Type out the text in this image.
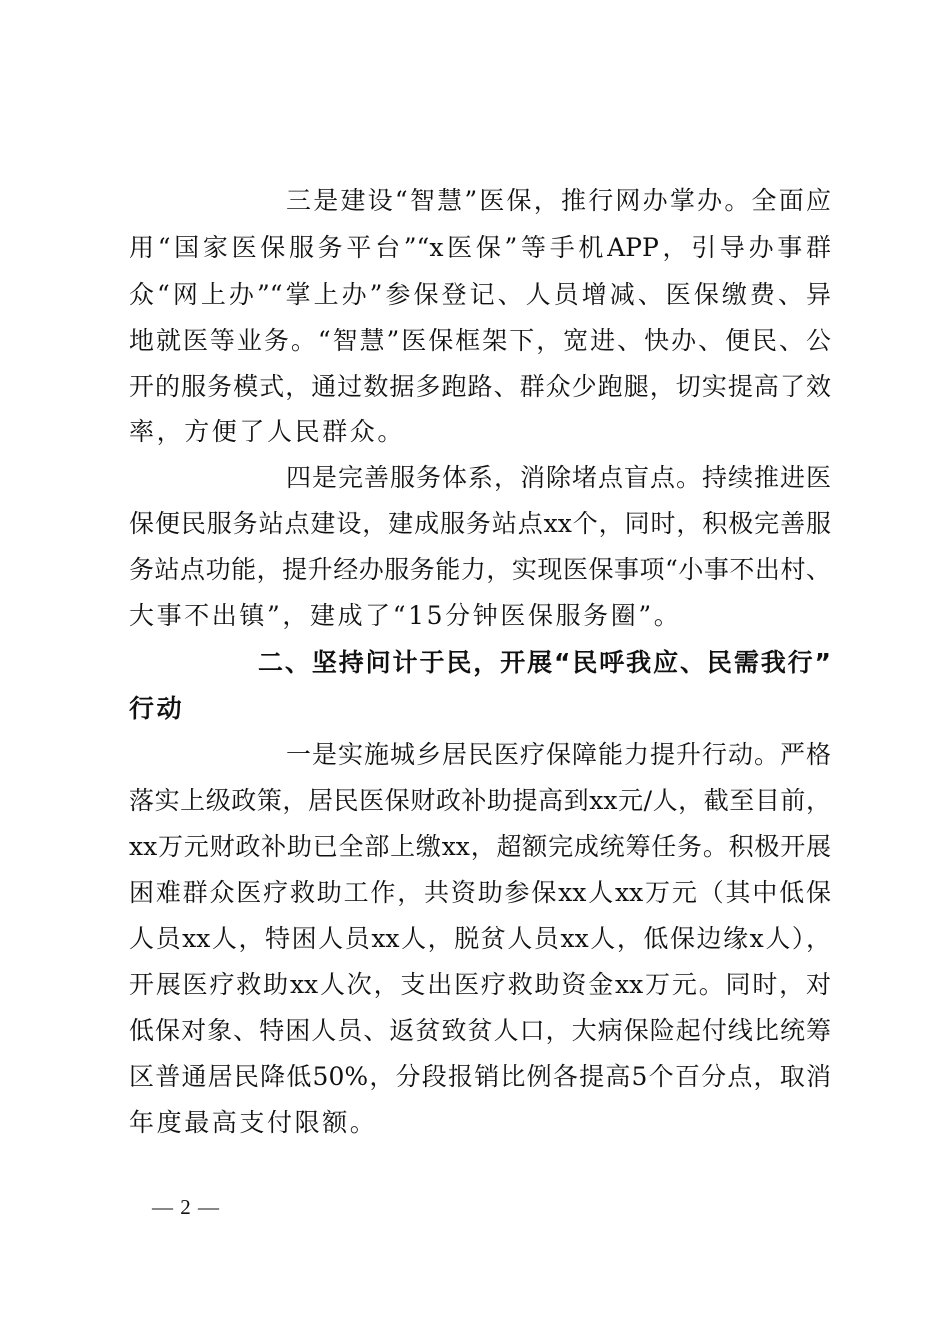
三是建设“智慧”医保，推行网办掌办。全面应
用“国家医保服务平台”“x医保”等手机APP，引导办事群
众“网上办”“掌上办”参保登记、人员增减、医保缴费、异
地就医等业务。“智慧”医保框架下，宽进、快办、便民、公
开的服务模式，通过数据多跑路、群众少跑腿，切实提高了效
率，方便了人民群众。
四是完善服务体系，消除堵点盲点。持续推进医
保便民服务站点建设，建成服务站点xx个，同时，积极完善服
务站点功能，提升经办服务能力，实现医保事项“小事不出村、
大事不出镇”，建成了“15分钟医保服务圈”。
二、坚持问计于民，开展“民呼我应、民需我行”
行动
一是实施城乡居民医疗保障能力提升行动。严格
落实上级政策，居民医保财政补助提高到xx元/人，截至目前，
xx万元财政补助已全部上缴xx，超额完成统筹任务。积极开展
困难群众医疗救助工作，共资助参保xx人xx万元（其中低保
人员xx人，特困人员xx人，脱贫人员xx人，低保边缘x人），
开展医疗救助xx人次，支出医疗救助资金xx万元。同时，对
低保对象、特困人员、返贫致贫人口，大病保险起付线比统筹
区普通居民降低50%，分段报销比例各提高5个百分点，取消
年度最高支付限额。
— 2 —
